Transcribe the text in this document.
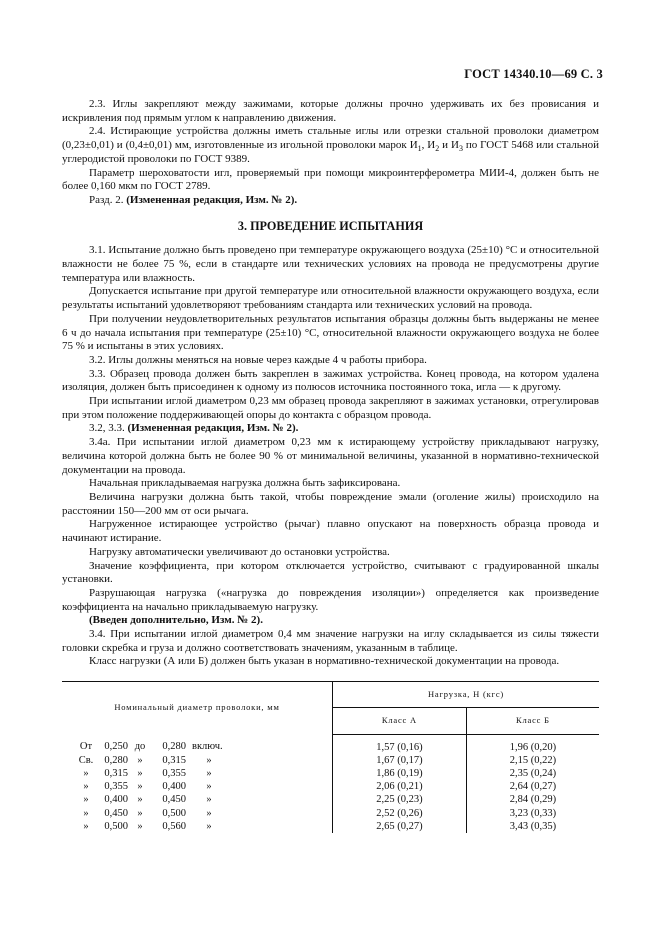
ГОСТ 14340.10—69 С. 3

2.3. Иглы закрепляют между зажимами, которые должны прочно удерживать их без провисания и искривления под прямым углом к направлению движения.

2.4. Истирающие устройства должны иметь стальные иглы или отрезки стальной проволоки диаметром (0,23±0,01) и (0,4±0,01) мм, изготовленные из игольной проволоки марок $И_1$, $И_2$ и $И_3$ по ГОСТ 5468 или стальной углеродистой проволоки по ГОСТ 9389.

Параметр шероховатости игл, проверяемый при помощи микроинтерферометра МИИ-4, должен быть не более 0,160 мкм по ГОСТ 2789.

Разд. 2. (Измененная редакция, Изм. № 2).

3. ПРОВЕДЕНИЕ ИСПЫТАНИЯ

3.1. Испытание должно быть проведено при температуре окружающего воздуха (25±10) °С и относительной влажности не более 75 %, если в стандарте или технических условиях на провода не предусмотрены другие температура или влажность.

Допускается испытание при другой температуре или относительной влажности окружающего воздуха, если результаты испытаний удовлетворяют требованиям стандарта или технических условий на провода.

При получении неудовлетворительных результатов испытания образцы должны быть выдержаны не менее 6 ч до начала испытания при температуре (25±10) °С, относительной влажности окружающего воздуха не более 75 % и испытаны в этих условиях.

3.2. Иглы должны меняться на новые через каждые 4 ч работы прибора.

3.3. Образец провода должен быть закреплен в зажимах устройства. Конец провода, на котором удалена изоляция, должен быть присоединен к одному из полюсов источника постоянного тока, игла — к другому.

При испытании иглой диаметром 0,23 мм образец провода закрепляют в зажимах установки, отрегулировав при этом положение поддерживающей опоры до контакта с образцом провода.

3.2, 3.3. (Измененная редакция, Изм. № 2).

3.4а. При испытании иглой диаметром 0,23 мм к истирающему устройству прикладывают нагрузку, величина которой должна быть не более 90 % от минимальной величины, указанной в нормативно-технической документации на провода.

Начальная прикладываемая нагрузка должна быть зафиксирована.

Величина нагрузки должна быть такой, чтобы повреждение эмали (оголение жилы) происходило на расстоянии 150—200 мм от оси рычага.

Нагруженное истирающее устройство (рычаг) плавно опускают на поверхность образца провода и начинают истирание.

Нагрузку автоматически увеличивают до остановки устройства.

Значение коэффициента, при котором отключается устройство, считывают с градуированной шкалы установки.

Разрушающая нагрузка («нагрузка до повреждения изоляции») определяется как произведение коэффициента на начально прикладываемую нагрузку.

(Введен дополнительно, Изм. № 2).

3.4. При испытании иглой диаметром 0,4 мм значение нагрузки на иглу складывается из силы тяжести головки скребка и груза и должно соответствовать значениям, указанным в таблице.

Класс нагрузки (А или Б) должен быть указан в нормативно-технической документации на провода.

Номинальный диаметр проволоки, мм	Нагрузка, Н (кгс)	
	Класс А	Класс Б
От 0,250 до 0,280 включ.	1,57 (0,16)	1,96 (0,20)
Св. 0,280 » 0,315 »	1,67 (0,17)	2,15 (0,22)
» 0,315 » 0,355 »	1,86 (0,19)	2,35 (0,24)
» 0,355 » 0,400 »	2,06 (0,21)	2,64 (0,27)
» 0,400 » 0,450 »	2,25 (0,23)	2,84 (0,29)
» 0,450 » 0,500 »	2,52 (0,26)	3,23 (0,33)
» 0,500 » 0,560 »	2,65 (0,27)	3,43 (0,35)
